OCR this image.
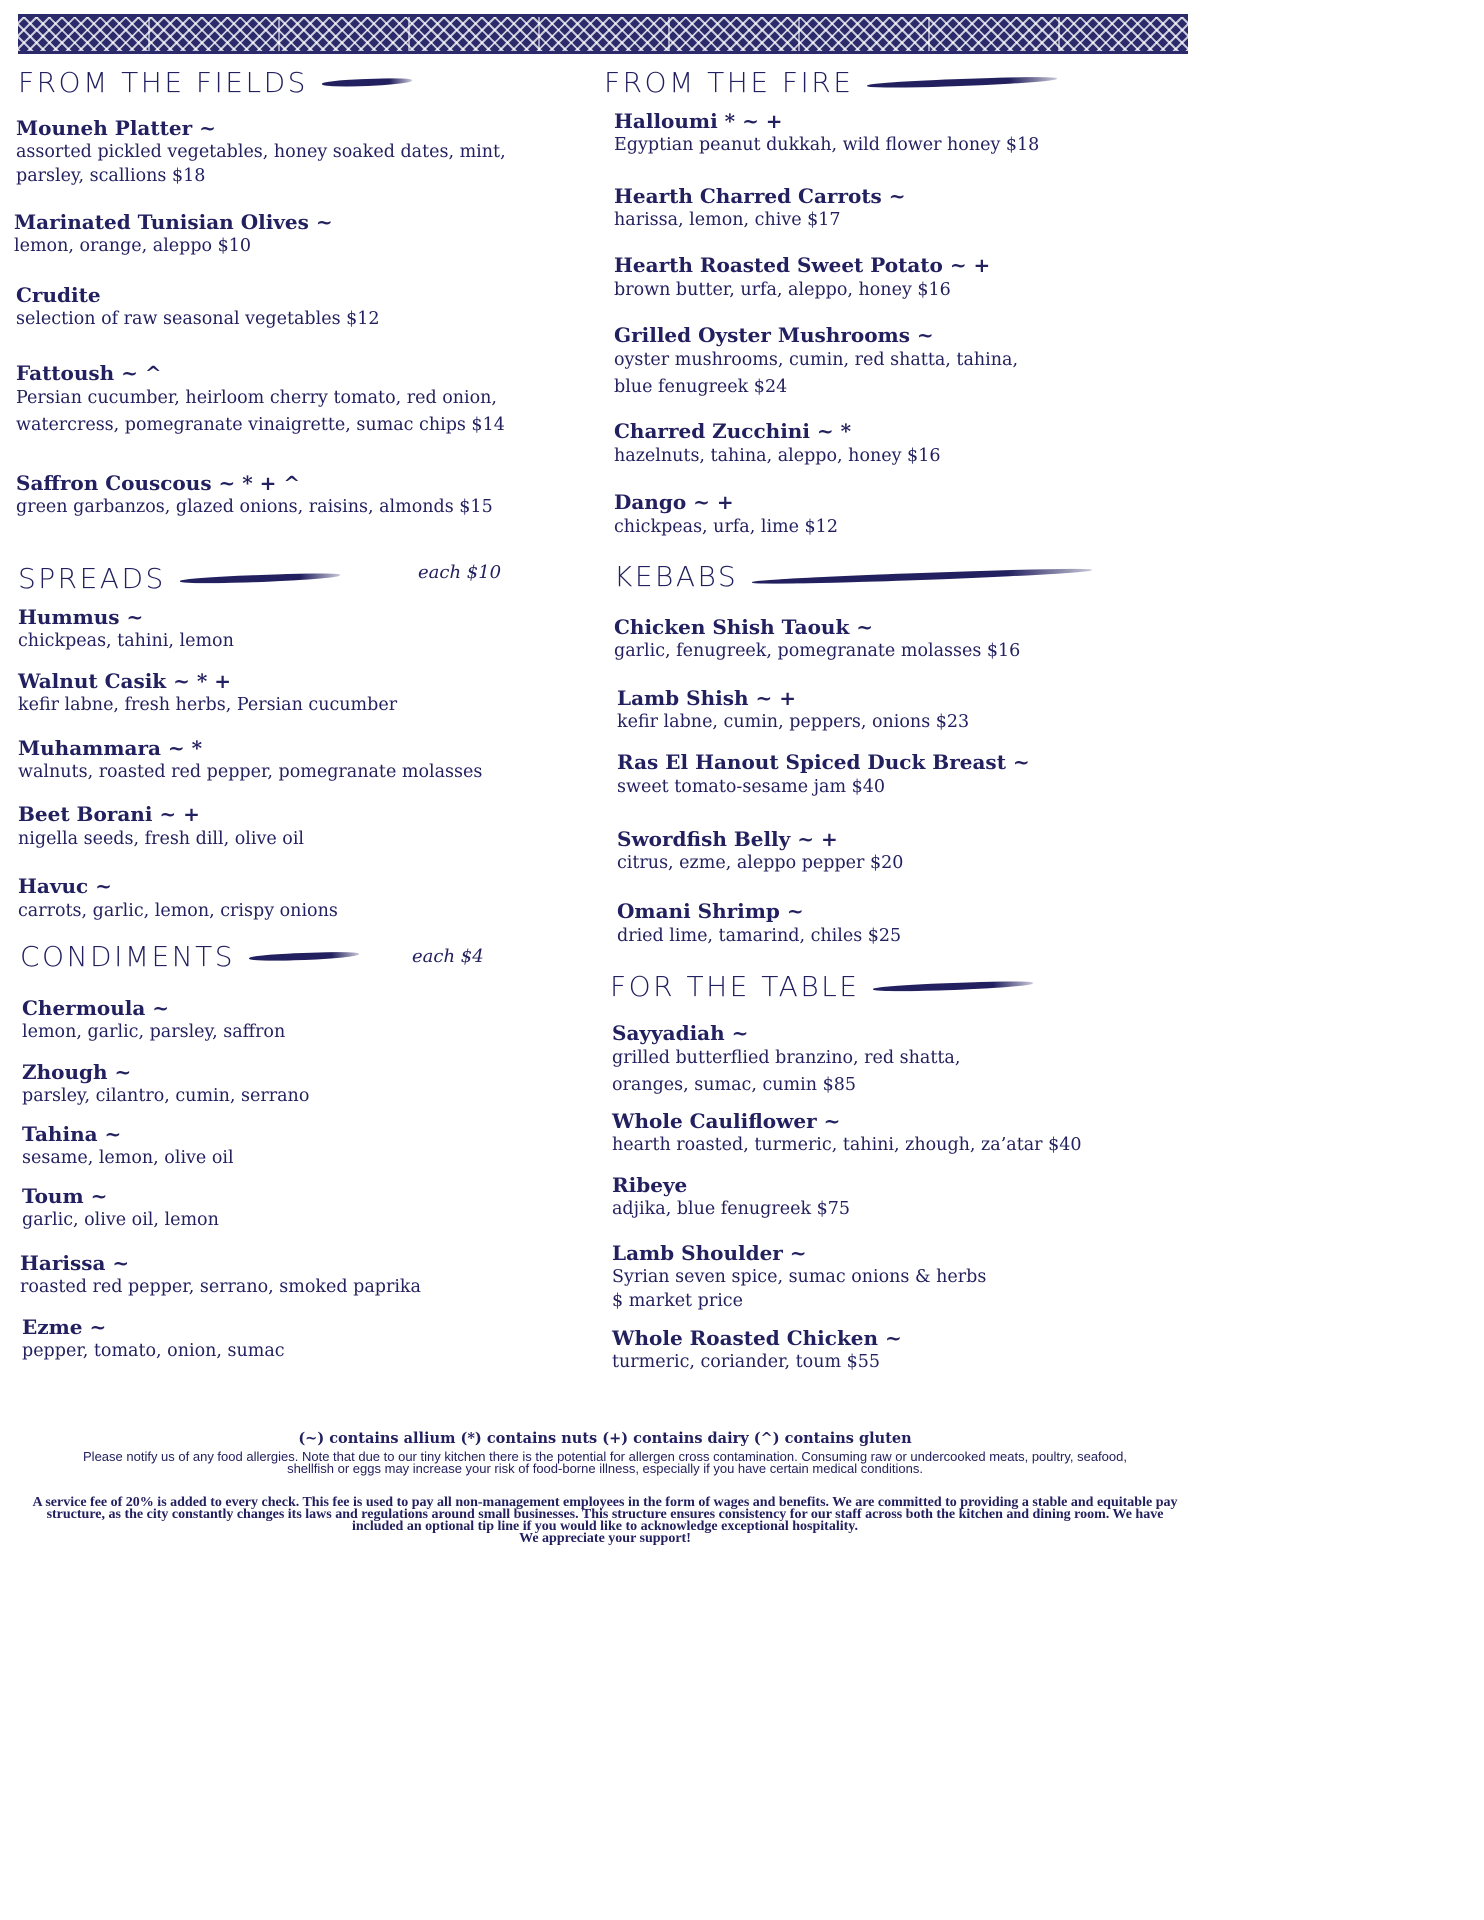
FROM THE FIELDS
Mouneh Platter ~
assorted pickled vegetables, honey soaked dates, mint,
parsley, scallions $18
Marinated Tunisian Olives ~
lemon, orange, aleppo $10
Crudite
selection of raw seasonal vegetables $12
Fattoush ~ ^
Persian cucumber, heirloom cherry tomato, red onion,
watercress, pomegranate vinaigrette, sumac chips $14
Saffron Couscous ~ * + ^
green garbanzos, glazed onions, raisins, almonds $15
SPREADS	each $10
Hummus ~
chickpeas, tahini, lemon
Walnut Casik ~ * +
kefir labne, fresh herbs, Persian cucumber
Muhammara ~ *
walnuts, roasted red pepper, pomegranate molasses
Beet Borani ~ +
nigella seeds, fresh dill, olive oil
Havuc ~
carrots, garlic, lemon, crispy onions
CONDIMENTS	each $4
Chermoula ~
lemon, garlic, parsley, saffron
Zhough ~
parsley, cilantro, cumin, serrano
Tahina ~
sesame, lemon, olive oil
Toum ~
garlic, olive oil, lemon
Harissa ~
roasted red pepper, serrano, smoked paprika
Ezme ~
pepper, tomato, onion, sumac
FROM THE FIRE
Halloumi * ~ +
Egyptian peanut dukkah, wild flower honey $18
Hearth Charred Carrots ~
harissa, lemon, chive $17
Hearth Roasted Sweet Potato ~ +
brown butter, urfa, aleppo, honey $16
Grilled Oyster Mushrooms ~
oyster mushrooms, cumin, red shatta, tahina,
blue fenugreek $24
Charred Zucchini ~ *
hazelnuts, tahina, aleppo, honey $16
Dango ~ +
chickpeas, urfa, lime $12
KEBABS
Chicken Shish Taouk ~
garlic, fenugreek, pomegranate molasses $16
Lamb Shish ~ +
kefir labne, cumin, peppers, onions $23
Ras El Hanout Spiced Duck Breast ~
sweet tomato-sesame jam $40
Swordfish Belly ~ +
citrus, ezme, aleppo pepper $20
Omani Shrimp ~
dried lime, tamarind, chiles $25
FOR THE TABLE
Sayyadiah ~
grilled butterflied branzino, red shatta,
oranges, sumac, cumin $85
Whole Cauliflower ~
hearth roasted, turmeric, tahini, zhough, za’atar $40
Ribeye
adjika, blue fenugreek $75
Lamb Shoulder ~
Syrian seven spice, sumac onions & herbs
$ market price
Whole Roasted Chicken ~
turmeric, coriander, toum $55
(~) contains allium (*) contains nuts (+) contains dairy (^) contains gluten
Please notify us of any food allergies. Note that due to our tiny kitchen there is the potential for allergen cross contamination. Consuming raw or undercooked meats, poultry, seafood, shellfish or eggs may increase your risk of food-borne illness, especially if you have certain medical conditions.
A service fee of 20% is added to every check. This fee is used to pay all non-management employees in the form of wages and benefits. We are committed to providing a stable and equitable pay structure, as the city constantly changes its laws and regulations around small businesses. This structure ensures consistency for our staff across both the kitchen and dining room. We have included an optional tip line if you would like to acknowledge exceptional hospitality.
We appreciate your support!
